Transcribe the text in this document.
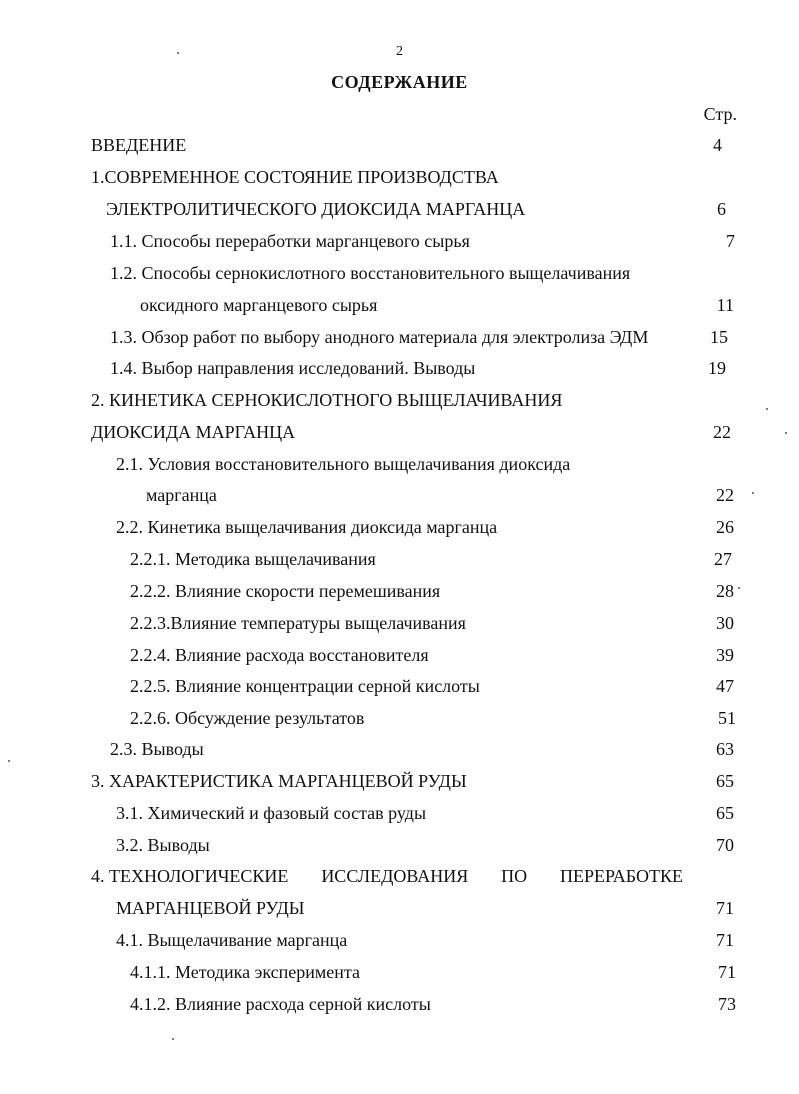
2
СОДЕРЖАНИЕ
Стр.
ВВЕДЕНИЕ	4
1.СОВРЕМЕННОЕ СОСТОЯНИЕ ПРОИЗВОДСТВА
ЭЛЕКТРОЛИТИЧЕСКОГО ДИОКСИДА МАРГАНЦА	6
1.1. Способы переработки марганцевого сырья	7
1.2. Способы сернокислотного восстановительного выщелачивания
оксидного марганцевого сырья	11
1.3. Обзор работ по выбору анодного материала для электролиза ЭДМ	15
1.4. Выбор направления исследований. Выводы	19
2. КИНЕТИКА СЕРНОКИСЛОТНОГО ВЫЩЕЛАЧИВАНИЯ
ДИОКСИДА МАРГАНЦА	22
2.1. Условия восстановительного выщелачивания диоксида
марганца	22
2.2. Кинетика выщелачивания диоксида марганца	26
2.2.1. Методика выщелачивания	27
2.2.2. Влияние скорости перемешивания	28
2.2.3.Влияние температуры выщелачивания	30
2.2.4. Влияние расхода восстановителя	39
2.2.5. Влияние концентрации серной кислоты	47
2.2.6. Обсуждение результатов	51
2.3. Выводы	63
3. ХАРАКТЕРИСТИКА МАРГАНЦЕВОЙ РУДЫ	65
3.1. Химический и фазовый состав руды	65
3.2. Выводы	70
4. ТЕХНОЛОГИЧЕСКИЕ ИССЛЕДОВАНИЯ ПО ПЕРЕРАБОТКЕ
МАРГАНЦЕВОЙ РУДЫ	71
4.1. Выщелачивание марганца	71
4.1.1. Методика эксперимента	71
4.1.2. Влияние расхода серной кислоты	73
